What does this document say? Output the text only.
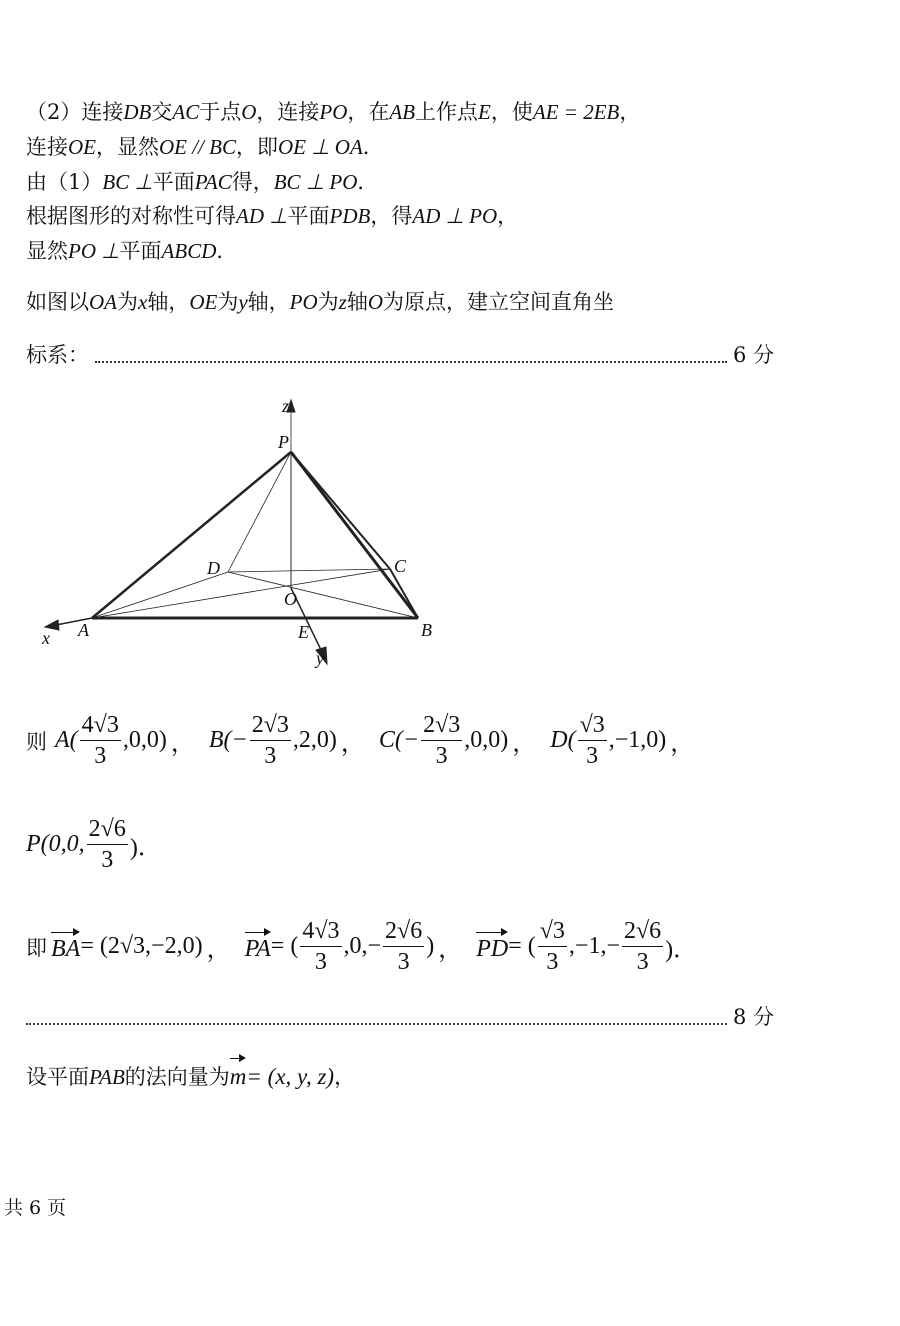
（2）连接DB交AC于点O，连接PO，在AB上作点E，使AE = 2EB，
连接OE，显然OE // BC，即OE ⊥ OA．
由（1）BC ⊥平面PAC得，BC ⊥ PO．
根据图形的对称性可得AD ⊥平面PDB，得AD ⊥ PO，
显然PO ⊥平面ABCD．
如图以OA为x轴，OE为y轴，PO为z轴O为原点，建立空间直角坐
标系：	6 分
z
P
D	C
O
A	B
E
x
y
则 $A( \frac{4√3}{3} ,0,0)$ ， $B(- \frac{2√3}{3} ,2,0)$ ， $C(- \frac{2√3}{3} ,0,0)$ ， $D( \frac{√3}{3} ,-1,0)$ ，
P(0,0, $\frac{2√6}{3}$ )．
即 BA = (2√3,−2,0) ， PA = ( $\frac{4√3}{3} ,0,- \frac{2√6}{3}$ ) ， PD = ( $\frac{√3}{3} ,-1,- \frac{2√6}{3}$ )．
8 分
设平面 PAB 的法向量为 m = (x, y, z) ，
共 6 页
